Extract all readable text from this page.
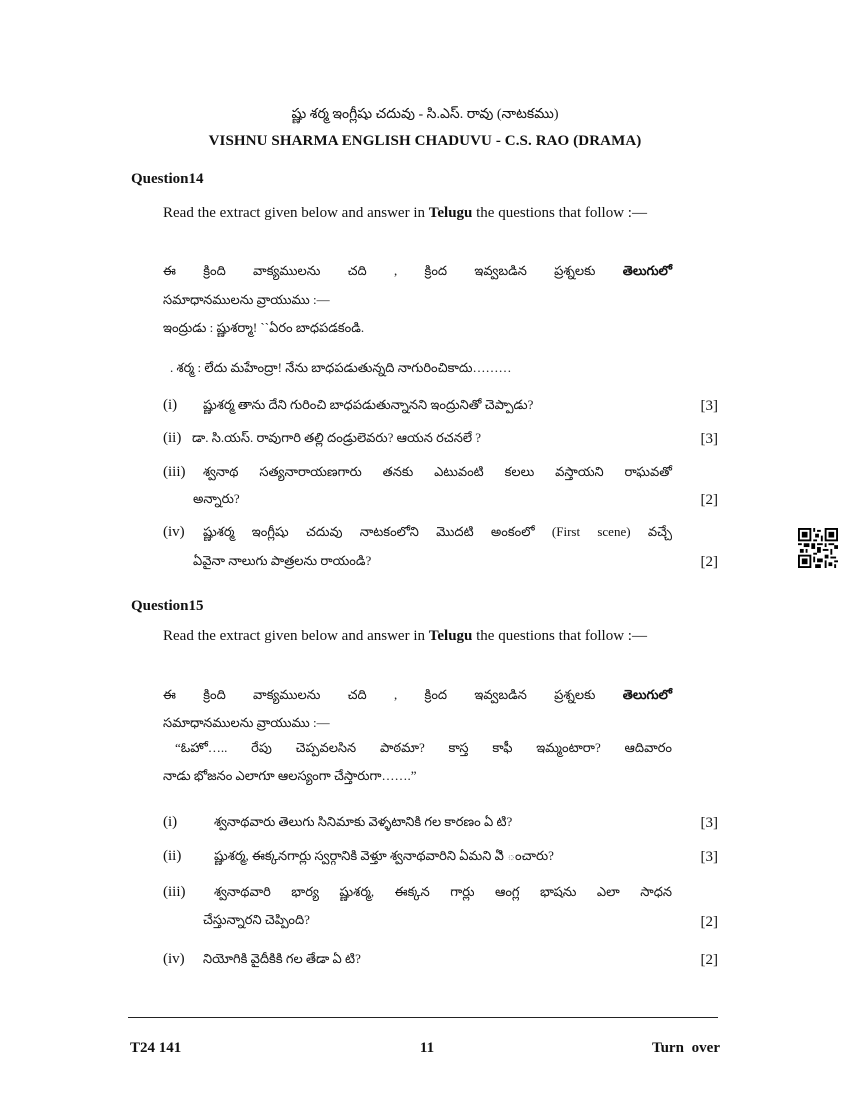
ష్ణు శర్మ ఇంగ్లీషు చదువు - సి.ఎస్. రావు (నాటకము)
VISHNU SHARMA ENGLISH CHADUVU - C.S. RAO (DRAMA)
Question14
Read the extract given below and answer in Telugu the questions that follow :—
ఈ క్రింది వాక్యములను చది , క్రింద ఇవ్వబడిన ప్రశ్నలకు తెలుగులో
సమాధానములను వ్రాయుము :—
ఇంద్రుడు : ష్ణుశర్మా! ``ఏరం బాధపడకండి.
. శర్మ : లేదు మహేంద్రా! నేను బాధపడుతున్నది నాగురించికాదు………
(i) ష్ణుశర్మ తాను దేని గురించి బాధపడుతున్నానని ఇంద్రునితో చెప్పాడు?	[3]
(ii) డా. సి.యస్. రావుగారి తల్లి దండ్రులెవరు? ఆయన రచనలే ?	[3]
(iii) శ్వనాథ సత్యనారాయణగారు తనకు ఎటువంటి కలలు వస్తాయని రాఘవతో
అన్నారు?	[2]
(iv) ష్ణుశర్మ ఇంగ్లీషు చదువు నాటకంలోని మొదటి అంకంలో (First scene) వచ్చే
ఏవైనా నాలుగు పాత్రలను రాయండి?	[2]
Question15
Read the extract given below and answer in Telugu the questions that follow :—
ఈ క్రింది వాక్యములను చది , క్రింద ఇవ్వబడిన ప్రశ్నలకు తెలుగులో
సమాధానములను వ్రాయుము :—
“ఓహో….. రేపు చెప్పవలసిన పాఠమా? కాస్త కాఫీ ఇమ్మంటారా? ఆదివారం
నాడు భోజనం ఎలాగూ ఆలస్యంగా చేస్తారుగా…….”
(i)	శ్వనాథవారు తెలుగు సినిమాకు వెళ్ళటానికి గల కారణం ఏ టి?	[3]
(ii)	ష్ణుశర్మ, ఈక్కనగార్లు స్వర్గానికి వెళ్తూ శ్వనాథవారిని ఏమని ఏి ంచారు?	[3]
(iii) శ్వనాథవారి భార్య ష్ణుశర్మ, ఈక్కన గార్లు ఆంగ్ల భాషను ఎలా సాధన
చేస్తున్నారని చెప్పింది?	[2]
(iv) నియోగికి వైదీకికి గల తేడా ఏ టి?	[2]
T24 141	11	Turn over
